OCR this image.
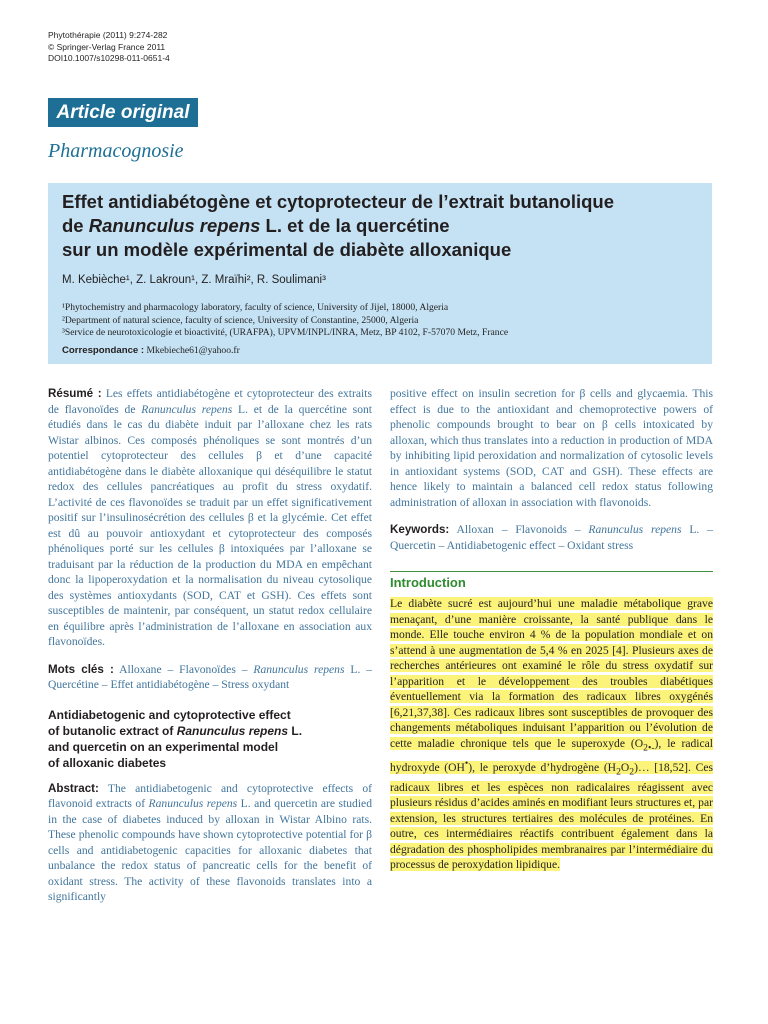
Phytothérapie (2011) 9:274-282
© Springer-Verlag France 2011
DOI10.1007/s10298-011-0651-4
Article original
Pharmacognosie
Effet antidiabétogène et cytoprotecteur de l’extrait butanolique
de Ranunculus repens L. et de la quercétine
sur un modèle expérimental de diabète alloxanique
M. Kebièche¹, Z. Lakroun¹, Z. Mraïhi², R. Soulimani³
¹Phytochemistry and pharmacology laboratory, faculty of science, University of Jijel, 18000, Algeria
²Department of natural science, faculty of science, University of Constantine, 25000, Algeria
³Service de neurotoxicologie et bioactivité, (URAFPA), UPVM/INPL/INRA, Metz, BP 4102, F-57070 Metz, France
Correspondance : Mkebieche61@yahoo.fr
Résumé : Les effets antidiabétogène et cytoprotecteur des extraits de flavonoïdes de Ranunculus repens L. et de la quercétine sont étudiés dans le cas du diabète induit par l’alloxane chez les rats Wistar albinos. Ces composés phénoliques se sont montrés d’un potentiel cytoprotecteur des cellules β et d’une capacité antidiabétogène dans le diabète alloxanique qui déséquilibre le statut redox des cellules pancréatiques au profit du stress oxydatif. L’activité de ces flavonoïdes se traduit par un effet significativement positif sur l’insulinosécrétion des cellules β et la glycémie. Cet effet est dû au pouvoir antioxydant et cytoprotecteur des composés phénoliques porté sur les cellules β intoxiquées par l’alloxane se traduisant par la réduction de la production du MDA en empêchant donc la lipoperoxydation et la normalisation du niveau cytosolique des systèmes antioxydants (SOD, CAT et GSH). Ces effets sont susceptibles de maintenir, par conséquent, un statut redox cellulaire en équilibre après l’administration de l’alloxane en association aux flavonoïdes.
Mots clés : Alloxane – Flavonoïdes – Ranunculus repens L. – Quercétine – Effet antidiabétogène – Stress oxydant
Antidiabetogenic and cytoprotective effect
of butanolic extract of Ranunculus repens L.
and quercetin on an experimental model
of alloxanic diabetes
Abstract: The antidiabetogenic and cytoprotective effects of flavonoid extracts of Ranunculus repens L. and quercetin are studied in the case of diabetes induced by alloxan in Wistar Albino rats. These phenolic compounds have shown cytoprotective potential for β cells and antidiabetogenic capacities for alloxanic diabetes that unbalance the redox status of pancreatic cells for the benefit of oxidant stress. The activity of these flavonoids translates into a significantly
positive effect on insulin secretion for β cells and glycaemia. This effect is due to the antioxidant and chemoprotective powers of phenolic compounds brought to bear on β cells intoxicated by alloxan, which thus translates into a reduction in production of MDA by inhibiting lipid peroxidation and normalization of cytosolic levels in antioxidant systems (SOD, CAT and GSH). These effects are hence likely to maintain a balanced cell redox status following administration of alloxan in association with flavonoids.
Keywords: Alloxan – Flavonoids – Ranunculus repens L. – Quercetin – Antidiabetogenic effect – Oxidant stress
Introduction
Le diabète sucré est aujourd’hui une maladie métabolique grave menaçant, d’une manière croissante, la santé publique dans le monde. Elle touche environ 4 % de la population mondiale et on s’attend à une augmentation de 5,4 % en 2025 [4]. Plusieurs axes de recherches antérieures ont examiné le rôle du stress oxydatif sur l’apparition et le développement des troubles diabétiques éventuellement via la formation des radicaux libres oxygénés [6,21,37,38]. Ces radicaux libres sont susceptibles de provoquer des changements métaboliques induisant l’apparition ou l’évolution de cette maladie chronique tels que le superoxyde $(O_{2•-})$, le radical hydroxyde (OH•), le peroxyde d’hydrogène $(H_2O_2)\dots$ [18,52]. Ces radicaux libres et les espèces non radicalaires réagissent avec plusieurs résidus d’acides aminés en modifiant leurs structures et, par extension, les structures tertiaires des molécules de protéines. En outre, ces intermédiaires réactifs contribuent également dans la dégradation des phospholipides membranaires par l’intermédiaire du processus de peroxydation lipidique.
